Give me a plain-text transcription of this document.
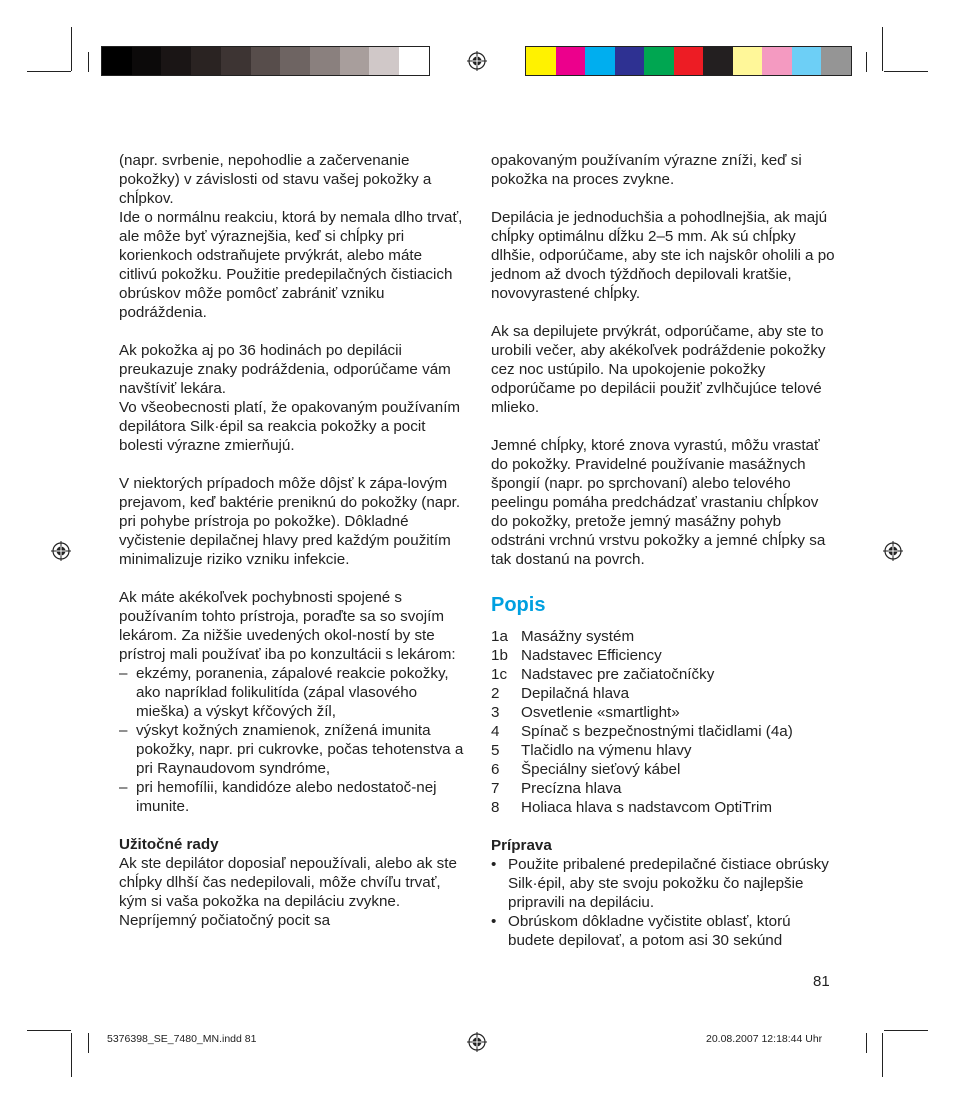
(napr. svrbenie, nepohodlie a začervenanie pokožky) v závislosti od stavu vašej pokožky a chĺpkov.

Ide o normálnu reakciu, ktorá by nemala dlho trvať, ale môže byť výraznejšia, keď si chĺpky pri korienkoch odstraňujete prvýkrát, alebo máte citlivú pokožku. Použitie predepilačných čistiacich obrúskov môže pomôcť zabrániť vzniku podráždenia.

Ak pokožka aj po 36 hodinách po depilácii preukazuje znaky podráždenia, odporúčame vám navštíviť lekára.

Vo všeobecnosti platí, že opakovaným používaním depilátora Silk·épil sa reakcia pokožky a pocit bolesti výrazne zmierňujú.

V niektorých prípadoch môže dôjsť k zápa-lovým prejavom, keď baktérie preniknú do pokožky (napr. pri pohybe prístroja po pokožke). Dôkladné vyčistenie depilačnej hlavy pred každým použitím minimalizuje riziko vzniku infekcie.

Ak máte akékoľvek pochybnosti spojené s používaním tohto prístroja, poraďte sa so svojím lekárom. Za nižšie uvedených okol-ností by ste prístroj mali používať iba po konzultácii s lekárom:

– ekzémy, poranenia, zápalové reakcie pokožky, ako napríklad folikulitída (zápal vlasového mieška) a výskyt kŕčových žíl,
– výskyt kožných znamienok, znížená imunita pokožky, napr. pri cukrovke, počas tehotenstva a pri Raynaudovom syndróme,
– pri hemofílii, kandidóze alebo nedostatoč-nej imunite.
Užitočné rady

Ak ste depilátor doposiaľ nepoužívali, alebo ak ste chĺpky dlhší čas nedepilovali, môže chvíľu trvať, kým si vaša pokožka na depiláciu zvykne. Nepríjemný počiatočný pocit sa

opakovaným používaním výrazne zníži, keď si pokožka na proces zvykne.

Depilácia je jednoduchšia a pohodlnejšia, ak majú chĺpky optimálnu dĺžku 2–5 mm. Ak sú chĺpky dlhšie, odporúčame, aby ste ich najskôr oholili a po jednom až dvoch týždňoch depilovali kratšie, novovyrastené chĺpky.

Ak sa depilujete prvýkrát, odporúčame, aby ste to urobili večer, aby akékoľvek podráždenie pokožky cez noc ustúpilo. Na upokojenie pokožky odporúčame po depilácii použiť zvlhčujúce telové mlieko.

Jemné chĺpky, ktoré znova vyrastú, môžu vrastať do pokožky. Pravidelné používanie masážnych špongií (napr. po sprchovaní) alebo telového peelingu pomáha predchádzať vrastaniu chĺpkov do pokožky, pretože jemný masážny pohyb odstráni vrchnú vrstvu pokožky a jemné chĺpky sa tak dostanú na povrch.

Popis
1a Masážny systém
1b Nadstavec Efficiency
1c Nadstavec pre začiatočníčky
2	Depilačná hlava
3	Osvetlenie «smartlight»
4	Spínač s bezpečnostnými tlačidlami (4a)
5	Tlačidlo na výmenu hlavy
6	Špeciálny sieťový kábel
7	Precízna hlava
8	Holiaca hlava s nadstavcom OptiTrim
Príprava
• Použite pribalené predepilačné čistiace obrúsky Silk·épil, aby ste svoju pokožku čo najlepšie pripravili na depiláciu.
• Obrúskom dôkladne vyčistite oblasť, ktorú budete depilovať, a potom asi 30 sekúnd
81
5376398_SE_7480_MN.indd 81	20.08.2007 12:18:44 Uhr
